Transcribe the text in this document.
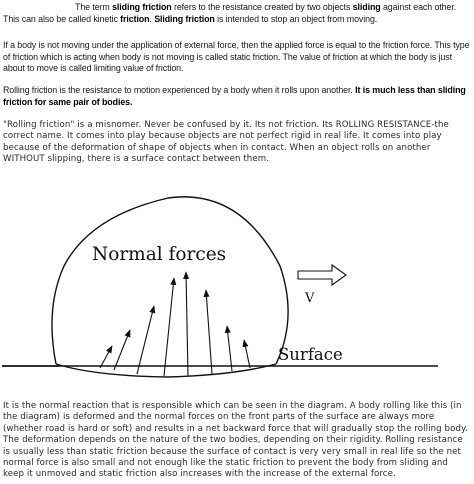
The term sliding friction refers to the resistance created by two objects sliding against each other. This can also be called kinetic friction. Sliding friction is intended to stop an object from moving.

If a body is not moving under the application of external force, then the applied force is equal to the friction force. This type of friction which is acting when body is not moving is called static friction. The value of friction at which the body is just about to move is called limiting value of friction.

Rolling friction is the resistance to motion experienced by a body when it rolls upon another. It is much less than sliding friction for same pair of bodies.

"Rolling friction" is a misnomer. Never be confused by it. Its not friction. Its ROLLING RESISTANCE-the correct name. It comes into play because objects are not perfect rigid in real life. It comes into play because of the deformation of shape of objects when in contact. When an object rolls on another WITHOUT slipping, there is a surface contact between them.

Normal forces
V
Surface

It is the normal reaction that is responsible which can be seen in the diagram. A body rolling like this (in the diagram) is deformed and the normal forces on the front parts of the surface are always more (whether road is hard or soft) and results in a net backward force that will gradually stop the rolling body. The deformation depends on the nature of the two bodies, depending on their rigidity. Rolling resistance is usually less than static friction because the surface of contact is very very small in real life so the net normal force is also small and not enough like the static friction to prevent the body from sliding and keep it unmoved and static friction also increases with the increase of the external force.
